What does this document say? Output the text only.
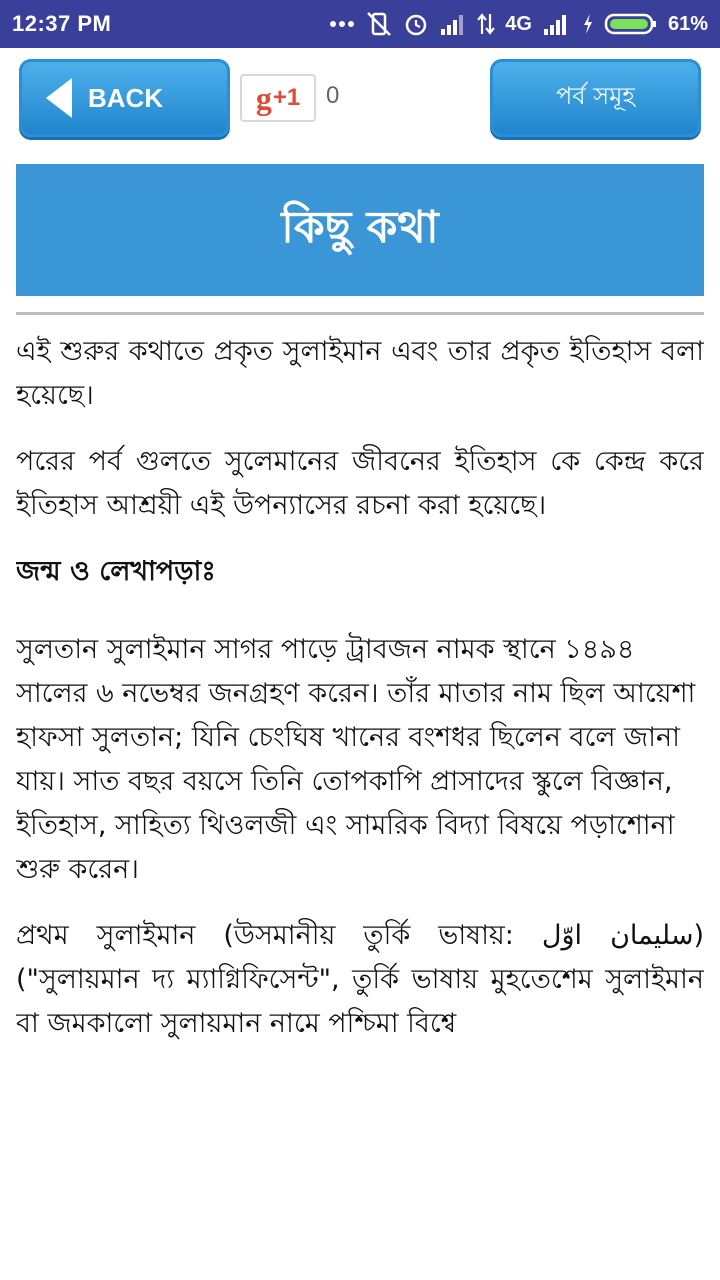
12:37 PM	4G	61%
BACK	g +1 0	পর্ব সমূহ
কিছু কথা

এই শুরুর কথাতে প্রকৃত সুলাইমান এবং তার প্রকৃত ইতিহাস বলা হয়েছে।

পরের পর্ব গুলতে সুলেমানের জীবনের ইতিহাস কে কেন্দ্র করে ইতিহাস আশ্রয়ী এই উপন্যাসের রচনা করা হয়েছে।

জন্ম ও লেখাপড়াঃ

সুলতান সুলাইমান সাগর পাড়ে ট্রাবজন নামক স্থানে ১৪৯৪ সালের ৬ নভেম্বর জনগ্রহণ করেন। তাঁর মাতার নাম ছিল আয়েশা হাফসা সুলতান; যিনি চেংঘিষ খানের বংশধর ছিলেন বলে জানা যায়। সাত বছর বয়সে তিনি তোপকাপি প্রাসাদের স্কুলে বিজ্ঞান, ইতিহাস, সাহিত্য থিওলজী এং সামরিক বিদ্যা বিষয়ে পড়াশোনা শুরু করেন।

প্রথম সুলাইমান (উসমানীয় তুর্কি ভাষায়: سليمان اوّل) ("সুলায়মান দ্য ম্যাগ্নিফিসেন্ট", তুর্কি ভাষায় মুহতেশেম সুলাইমান বা জমকালো সুলায়মান নামে পশ্চিমা বিশ্বে
